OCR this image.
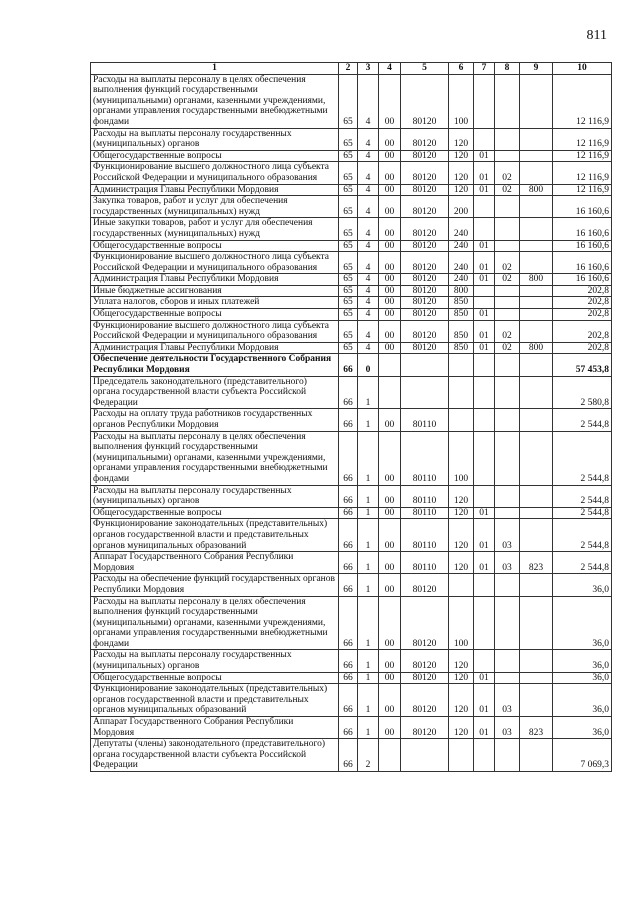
811
1	2	3	4	5	6	7	8	9	10
Расходы на выплаты персоналу в целях обеспечения выполнения функций государственными (муниципальными) органами, казенными учреждениями, органами управления государственными внебюджетными фондами	65	4	00	80120	100				12 116,9
Расходы на выплаты персоналу государственных (муниципальных) органов	65	4	00	80120	120				12 116,9
Общегосударственные вопросы	65	4	00	80120	120	01			12 116,9
Функционирование высшего должностного лица субъекта Российской Федерации и муниципального образования	65	4	00	80120	120	01	02		12 116,9
Администрация Главы Республики Мордовия	65	4	00	80120	120	01	02	800	12 116,9
Закупка товаров, работ и услуг для обеспечения государственных (муниципальных) нужд	65	4	00	80120	200				16 160,6
Иные закупки товаров, работ и услуг для обеспечения государственных (муниципальных) нужд	65	4	00	80120	240				16 160,6
Общегосударственные вопросы	65	4	00	80120	240	01			16 160,6
Функционирование высшего должностного лица субъекта Российской Федерации и муниципального образования	65	4	00	80120	240	01	02		16 160,6
Администрация Главы Республики Мордовия	65	4	00	80120	240	01	02	800	16 160,6
Иные бюджетные ассигнования	65	4	00	80120	800				202,8
Уплата налогов, сборов и иных платежей	65	4	00	80120	850				202,8
Общегосударственные вопросы	65	4	00	80120	850	01			202,8
Функционирование высшего должностного лица субъекта Российской Федерации и муниципального образования	65	4	00	80120	850	01	02		202,8
Администрация Главы Республики Мордовия	65	4	00	80120	850	01	02	800	202,8
Обеспечение деятельности Государственного Собрания Республики Мордовия	66	0							57 453,8
Председатель законодательного (представительного) органа государственной власти субъекта Российской Федерации	66	1							2 580,8
Расходы на оплату труда работников государственных органов Республики Мордовия	66	1	00	80110					2 544,8
Расходы на выплаты персоналу в целях обеспечения выполнения функций государственными (муниципальными) органами, казенными учреждениями, органами управления государственными внебюджетными фондами	66	1	00	80110	100				2 544,8
Расходы на выплаты персоналу государственных (муниципальных) органов	66	1	00	80110	120				2 544,8
Общегосударственные вопросы	66	1	00	80110	120	01			2 544,8
Функционирование законодательных (представительных) органов государственной власти и представительных органов муниципальных образований	66	1	00	80110	120	01	03		2 544,8
Аппарат Государственного Собрания Республики Мордовия	66	1	00	80110	120	01	03	823	2 544,8
Расходы на обеспечение функций государственных органов Республики Мордовия	66	1	00	80120					36,0
Расходы на выплаты персоналу в целях обеспечения выполнения функций государственными (муниципальными) органами, казенными учреждениями, органами управления государственными внебюджетными фондами	66	1	00	80120	100				36,0
Расходы на выплаты персоналу государственных (муниципальных) органов	66	1	00	80120	120				36,0
Общегосударственные вопросы	66	1	00	80120	120	01			36,0
Функционирование законодательных (представительных) органов государственной власти и представительных органов муниципальных образований	66	1	00	80120	120	01	03		36,0
Аппарат Государственного Собрания Республики Мордовия	66	1	00	80120	120	01	03	823	36,0
Депутаты (члены) законодательного (представительного) органа государственной власти субъекта Российской Федерации	66	2							7 069,3
